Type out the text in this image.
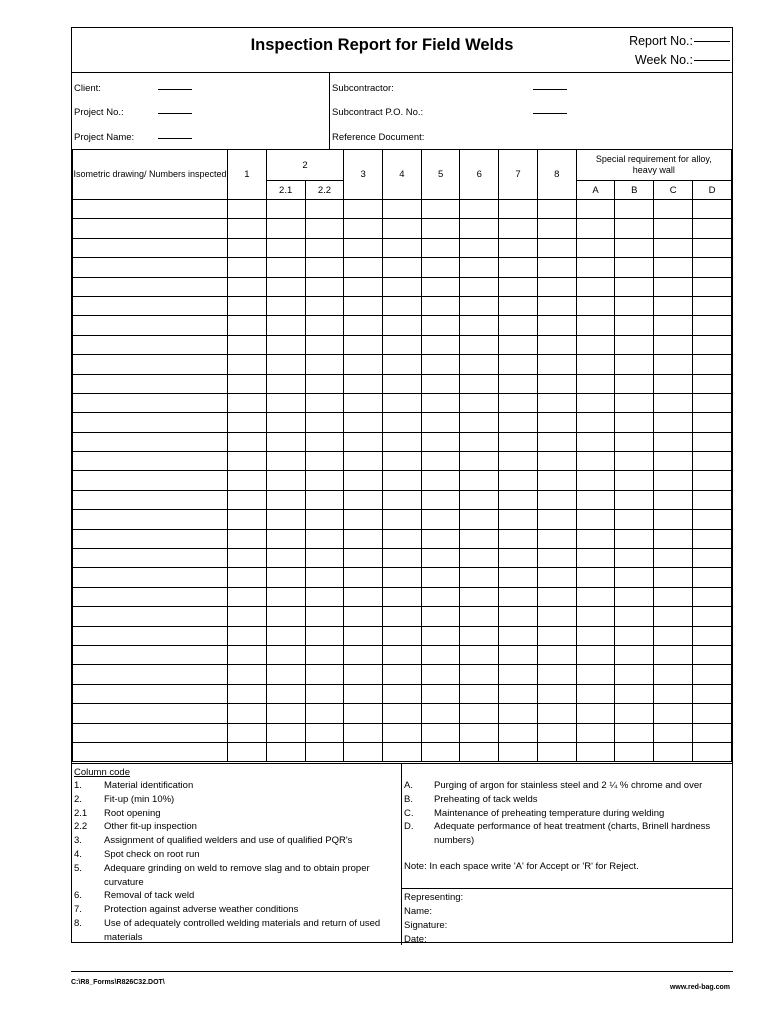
Inspection Report for Field Welds	Report No.:
Week No.:
Client:
Project No.:
Project Name:
Subcontractor:
Subcontract P.O. No.:
Reference Document:
Isometric drawing/ Numbers inspected	1	2		3	4	5	6	7	8	Special requirement for alloy, heavy wall			
		2.1	2.2							A	B	C	D

Column code
1.	Material identification
2.	Fit-up (min 10%)
2.1	Root opening
2.2	Other fit-up inspection
3.	Assignment of qualified welders and use of qualified PQR's
4.	Spot check on root run
5.	Adequare grinding on weld to remove slag and to obtain proper curvature
6.	Removal of tack weld
7.	Protection against adverse weather conditions
8.	Use of adequately controlled welding materials and return of used materials
A.	Purging of argon for stainless steel and 2 ¼ % chrome and over
B.	Preheating of tack welds
C.	Maintenance of preheating temperature during welding
D.	Adequate performance of heat treatment (charts, Brinell hardness numbers)
Note: In each space write 'A' for Accept or 'R' for Reject.
Representing:
Name:
Signature:
Date:
C:\R8_Forms\R826C32.DOT\
www.red-bag.com
